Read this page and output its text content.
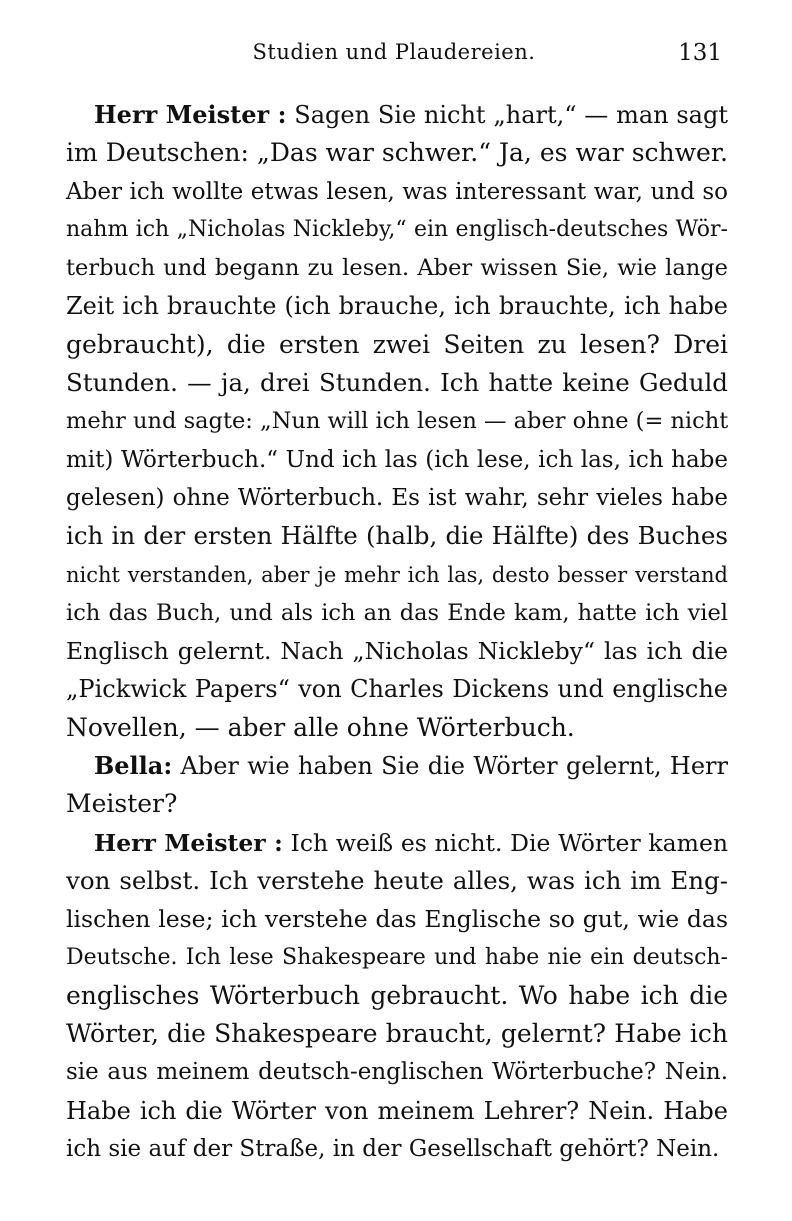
Studien und Plaudereien.	131
Herr Meister : Sagen Sie nicht „hart,“ — man sagt
im Deutschen: „Das war schwer.“ Ja, es war schwer.
Aber ich wollte etwas lesen, was interessant war, und so
nahm ich „Nicholas Nickleby,“ ein englisch-deutsches Wör-
terbuch und begann zu lesen. Aber wissen Sie, wie lange
Zeit ich brauchte (ich brauche, ich brauchte, ich habe
gebraucht), die ersten zwei Seiten zu lesen? Drei
Stunden. — ja, drei Stunden. Ich hatte keine Geduld
mehr und sagte: „Nun will ich lesen — aber ohne (= nicht
mit) Wörterbuch.“ Und ich las (ich lese, ich las, ich habe
gelesen) ohne Wörterbuch. Es ist wahr, sehr vieles habe
ich in der ersten Hälfte (halb, die Hälfte) des Buches
nicht verstanden, aber je mehr ich las, desto besser verstand
ich das Buch, und als ich an das Ende kam, hatte ich viel
Englisch gelernt. Nach „Nicholas Nickleby“ las ich die
„Pickwick Papers“ von Charles Dickens und englische
Novellen, — aber alle ohne Wörterbuch.
Bella: Aber wie haben Sie die Wörter gelernt, Herr
Meister?
Herr Meister : Ich weiß es nicht. Die Wörter kamen
von selbst. Ich verstehe heute alles, was ich im Eng-
lischen lese; ich verstehe das Englische so gut, wie das
Deutsche. Ich lese Shakespeare und habe nie ein deutsch-
englisches Wörterbuch gebraucht. Wo habe ich die
Wörter, die Shakespeare braucht, gelernt? Habe ich
sie aus meinem deutsch-englischen Wörterbuche? Nein.
Habe ich die Wörter von meinem Lehrer? Nein. Habe
ich sie auf der Straße, in der Gesellschaft gehört? Nein.
